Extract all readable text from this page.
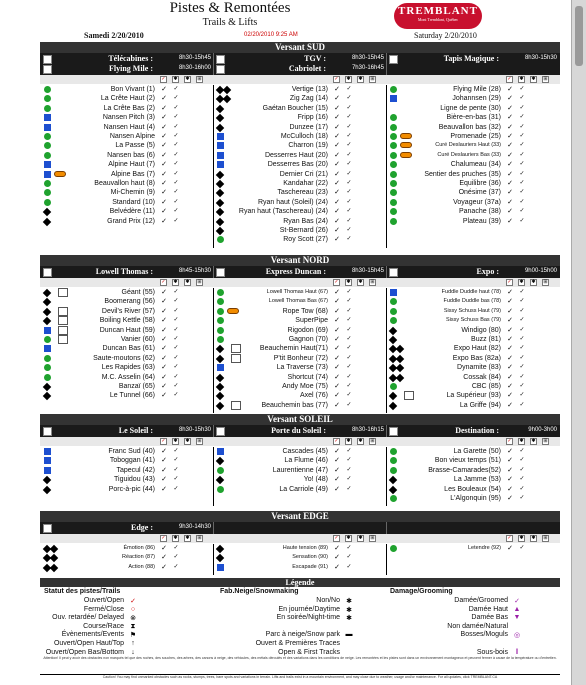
Pistes & Remontées
Trails & Lifts
Samedi 2/20/2010	02/20/2010 9:25 AM	Saturday 2/20/2010
TREMBLANT
Mont Tremblant, Québec
Versant SUD
Télécabines :	8h30-15h45
Flying Mile :	8h30-16h00
TGV :	8h30-15h45
Cabriolet :	7h30-16h45
Tapis Magique :	8h30-15h30
✓ ✱ ✱ ⊞	✓ ✱ ✱ ⊞	✓ ✱ ✱ ⊞
Bon Vivant (1) ✓ ✓
La Crête Haut (2) ✓ ✓
La Crête Bas (2) ✓ ✓
Nansen Pitch (3) ✓ ✓
Nansen Haut (4) ✓ ✓
Nansen Alpine ✓ ✓
La Passe (5) ✓ ✓
Nansen bas (6) ✓ ✓
Alpine Haut (7) ✓ ✓
Alpine Bas (7) ✓ ✓
Beauvallon haut (8) ✓ ✓
Mi-Chemin (9) ✓ ✓
Standard (10) ✓ ✓
Belvédère (11) ✓ ✓
Grand Prix (12) ✓ ✓
Vertige (13) ✓ ✓
Zig Zag (14) ✓ ✓
Gaétan Boucher (15) ✓ ✓
Fripp (16) ✓ ✓
Dunzee (17) ✓ ✓
McCulloch (18) ✓ ✓
Charron (19) ✓ ✓
Desserres Haut (20) ✓ ✓
Desserres Bas (20) ✓ ✓
Dernier Cri (21) ✓ ✓
Kandahar (22) ✓ ✓
Taschereau (23) ✓ ✓
Ryan haut (Soleil) (24) ✓ ✓
Ryan haut (Taschereau) (24) ✓ ✓
Ryan Bas (24) ✓ ✓
St-Bernard (26) ✓ ✓
Roy Scott (27) ✓ ✓
Flying Mile (28) ✓ ✓
Johannsen (29) ✓ ✓
Ligne de pente (30) ✓ ✓
Bière-en-bas (31) ✓ ✓
Beauvallon bas (32) ✓ ✓
Promenade (25) ✓ ✓
Curé Deslauriers Haut (33) ✓ ✓
Curé Deslauriers Bas (33) ✓ ✓
Chalumeau (34) ✓ ✓
Sentier des pruches (35) ✓ ✓
Equilibre (36) ✓ ✓
Onésime (37) ✓ ✓
Voyageur (37a) ✓ ✓
Panache (38) ✓ ✓
Plateau (39) ✓ ✓
Versant NORD
Lowell Thomas :	8h45-15h30	Express Duncan :	8h30-15h45	Expo :	9h00-15h00
✓ ✱ ✱ ⊞	✓ ✱ ✱ ⊞	✓ ✱ ✱ ⊞
Géant (55) ✓ ✓
Boomerang (56) ✓ ✓
Devil's River (57) ✓ ✓
Boiling Kettle (58) ✓ ✓
Duncan Haut (59) ✓ ✓
Vanier (60) ✓ ✓
Duncan Bas (61) ✓ ✓
Saute-moutons (62) ✓ ✓
Les Rapides (63) ✓ ✓
M.C. Asselin (64) ✓ ✓
Banzaï (65) ✓ ✓
Le Tunnel (66) ✓ ✓
Lowell Thomas Haut (67) ✓ ✓
Lowell Thomas Bas (67) ✓ ✓
Rope Tow (68) ✓ ✓
SuperPipe ✓ ✓
Rigodon (69) ✓ ✓
Gagnon (70) ✓ ✓
Beauchemin Haut(71) ✓ ✓
P'tit Bonheur (72) ✓ ✓
La Traverse (73) ✓ ✓
Shortcut (74) ✓ ✓
Andy Moe (75) ✓ ✓
Axel (76) ✓ ✓
Beauchemin bas (77) ✓ ✓
Fuddle Duddle haut (78) ✓ ✓
Fuddle Duddle bas (78) ✓ ✓
Sissy Schuss Haut (79) ✓ ✓
Sissy Schuss Bas (79) ✓ ✓
Windigo (80) ✓ ✓
Buzz (81) ✓ ✓
Expo Haut (82) ✓ ✓
Expo Bas (82a) ✓ ✓
Dynamite (83) ✓ ✓
Cossak (84) ✓ ✓
CBC (85) ✓ ✓
La Supérieur (93) ✓ ✓
La Griffe (94) ✓ ✓
Versant SOLEIL
Le Soleil :	8h30-15h30	Porte du Soleil :	8h30-16h15	Destination :	9h00-3h00
✓ ✱ ✱ ⊞	✓ ✱ ✱ ⊞	✓ ✱ ✱ ⊞
Franc Sud (40) ✓ ✓
Toboggan (41) ✓ ✓
Tapecul (42) ✓ ✓
Tiguidou (43) ✓ ✓
Porc-à-pic (44) ✓ ✓
Cascades (45) ✓ ✓
La Flume (46) ✓ ✓
Laurentienne (47) ✓ ✓
Yo! (48) ✓ ✓
La Carriole (49) ✓ ✓
La Garette (50) ✓ ✓
Bon vieux temps (51) ✓ ✓
Brasse-Camarades(52) ✓ ✓
La Jamme (53) ✓ ✓
Les Bouleaux (54) ✓ ✓
L'Algonquin (95) ✓ ✓
Versant EDGE
Edge :	9h30-14h30
✓ ✱ ✱ ⊞	✓ ✱ ✱ ⊞	✓ ✱ ✱ ⊞
Émotion (86) ✓ ✓
Réaction (87) ✓ ✓
Action (88) ✓ ✓
Haute tension (89) ✓ ✓
Sensation (90) ✓ ✓
Escapade (91) ✓ ✓
Letendre (92) ✓ ✓
Légende
Statut des pistes/Trails
Ouvert/Open ✓
Fermé/Close ○
Ouv. retardée/ Delayed ⊗
Course/Race ⧗
Évènements/Events ⚑
Ouvert/Open Haut/Top	↑
Ouvert/Open Bas/Bottom	↓
Fab.Neige/Snowmaking
Non/No ✱
En journée/Daytime ✱
En soirée/Night-time ✱
Parc à neige/Snow park ▬
Ouvert & Premières Traces
Open & First Tracks
Damage/Grooming
Damée/Groomed ✓
Damée Haut ▲
Damée Bas ▼
Non damée/Natural
Bosses/Moguls ◎
Sous-bois	‖
Attention! Il peut y avoir des obstacles non marqués tel que des roches, des souches, des arbres, des canons à neige, des véhicules, des métals déroulés et des variations dans les conditions de neige. Les remontées et les pistes sont dans un environnement montagneux et peuvent fermer à cause de la température ou d'entretien.
Caution! You may find unmarked obstacles such as rocks, stumps, trees, bare spots and variations in terrain. Lifts and trails exist in a mountain environment, and may close due to weather, usage and/or maintenance. For all updates, click TREMBLANT.CA
